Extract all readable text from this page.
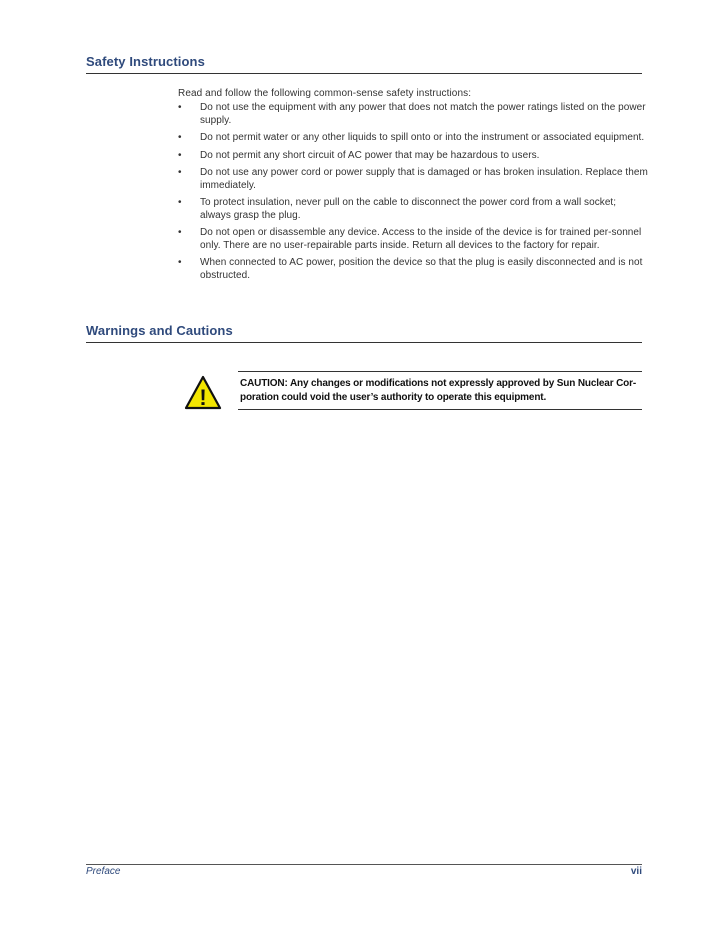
Safety Instructions
Read and follow the following common-sense safety instructions:
• Do not use the equipment with any power that does not match the power ratings listed on the power supply.
• Do not permit water or any other liquids to spill onto or into the instrument or associated equipment.
• Do not permit any short circuit of AC power that may be hazardous to users.
• Do not use any power cord or power supply that is damaged or has broken insulation. Replace them immediately.
• To protect insulation, never pull on the cable to disconnect the power cord from a wall socket; always grasp the plug.
• Do not open or disassemble any device. Access to the inside of the device is for trained per-sonnel only. There are no user-repairable parts inside. Return all devices to the factory for repair.
• When connected to AC power, position the device so that the plug is easily disconnected and is not obstructed.
Warnings and Cautions
!
CAUTION: Any changes or modifications not expressly approved by Sun Nuclear Cor-poration could void the user’s authority to operate this equipment.
Preface	vii
